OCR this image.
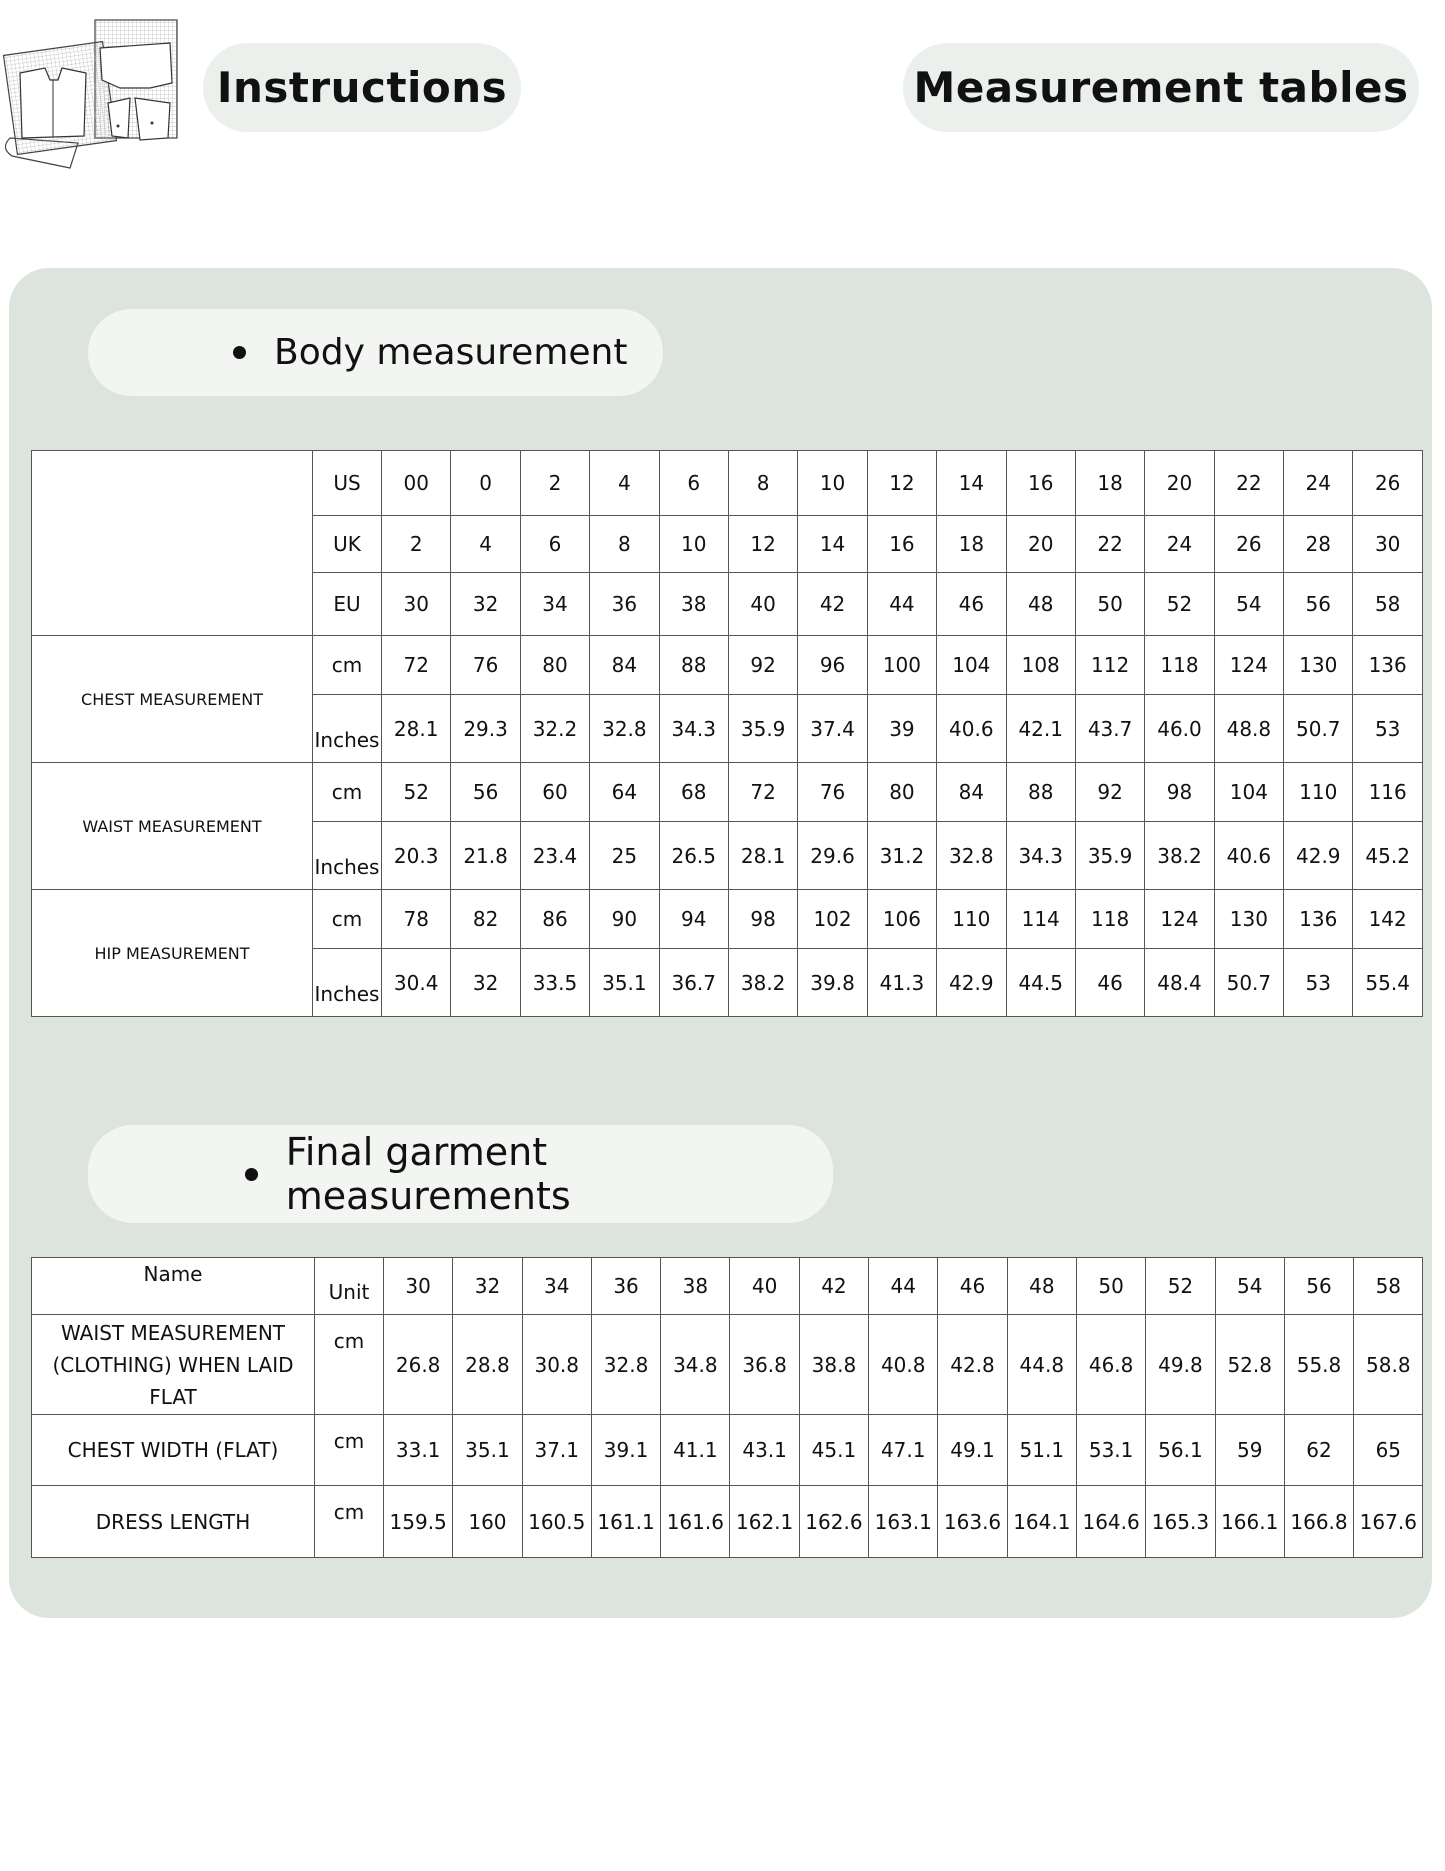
Instructions	Measurement tables
Body measurement
	US	00	0	2	4	6	8	10	12	14	16	18	20	22	24	26
	UK	2	4	6	8	10	12	14	16	18	20	22	24	26	28	30
	EU	30	32	34	36	38	40	42	44	46	48	50	52	54	56	58
CHEST MEASUREMENT	cm	72	76	80	84	88	92	96	100	104	108	112	118	124	130	136
	Inches	28.1	29.3	32.2	32.8	34.3	35.9	37.4	39	40.6	42.1	43.7	46.0	48.8	50.7	53
WAIST MEASUREMENT	cm	52	56	60	64	68	72	76	80	84	88	92	98	104	110	116
	Inches	20.3	21.8	23.4	25	26.5	28.1	29.6	31.2	32.8	34.3	35.9	38.2	40.6	42.9	45.2
HIP MEASUREMENT	cm	78	82	86	90	94	98	102	106	110	114	118	124	130	136	142
	Inches	30.4	32	33.5	35.1	36.7	38.2	39.8	41.3	42.9	44.5	46	48.4	50.7	53	55.4
Final garment measurements
Name	Unit	30	32	34	36	38	40	42	44	46	48	50	52	54	56	58
WAIST MEASUREMENT (CLOTHING) WHEN LAID FLAT	cm	26.8	28.8	30.8	32.8	34.8	36.8	38.8	40.8	42.8	44.8	46.8	49.8	52.8	55.8	58.8
CHEST WIDTH (FLAT)	cm	33.1	35.1	37.1	39.1	41.1	43.1	45.1	47.1	49.1	51.1	53.1	56.1	59	62	65
DRESS LENGTH	cm	159.5	160	160.5	161.1	161.6	162.1	162.6	163.1	163.6	164.1	164.6	165.3	166.1	166.8	167.6
